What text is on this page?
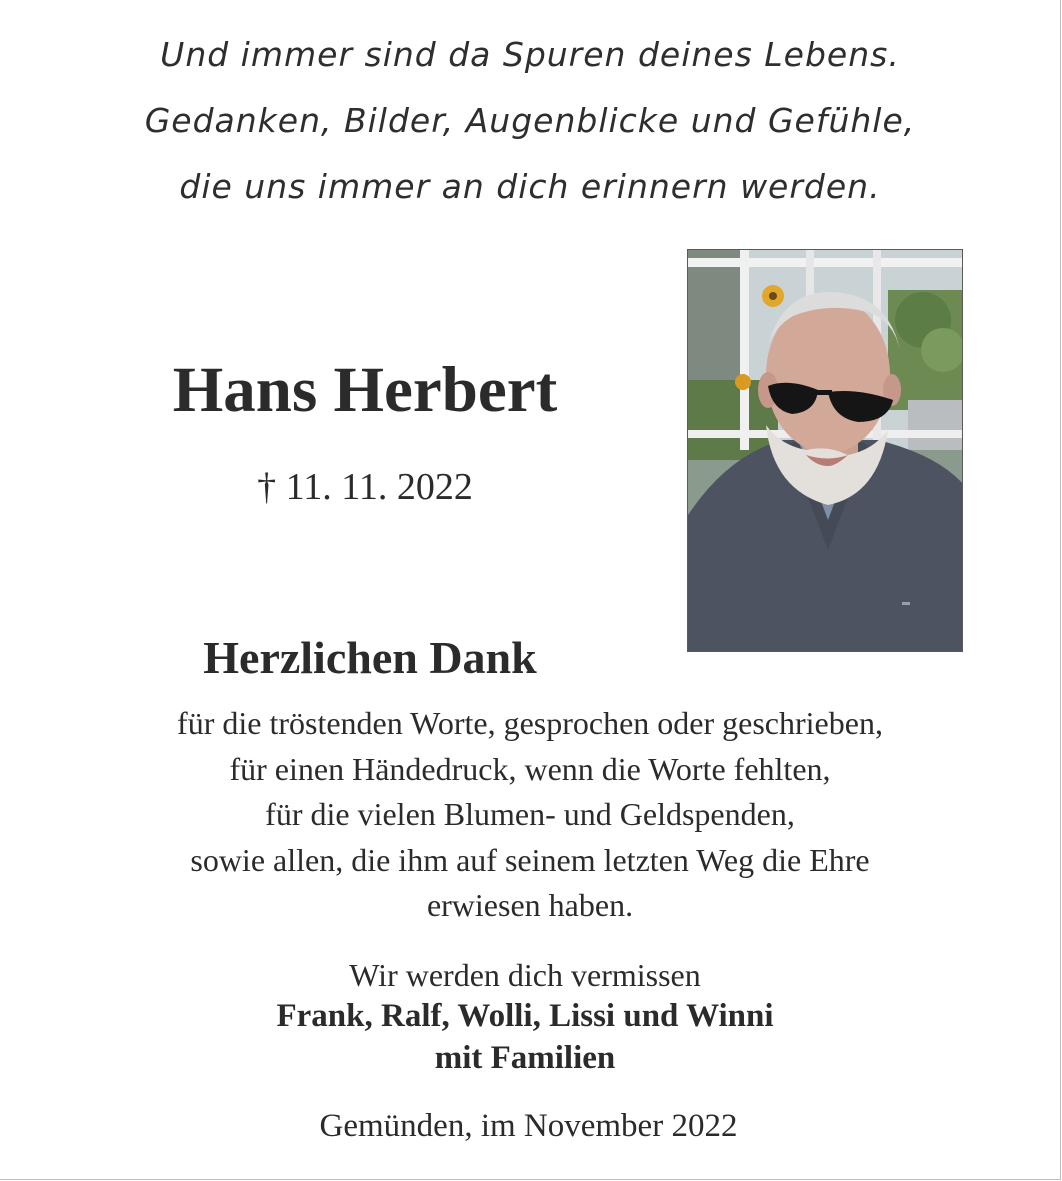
Und immer sind da Spuren deines Lebens.
Gedanken, Bilder, Augenblicke und Gefühle,
die uns immer an dich erinnern werden.
Hans Herbert
† 11. 11. 2022
Herzlichen Dank
für die tröstenden Worte, gesprochen oder geschrieben,
für einen Händedruck, wenn die Worte fehlten,
für die vielen Blumen- und Geldspenden,
sowie allen, die ihm auf seinem letzten Weg die Ehre
erwiesen haben.
Wir werden dich vermissen
Frank, Ralf, Wolli, Lissi und Winni
mit Familien
Gemünden, im November 2022
